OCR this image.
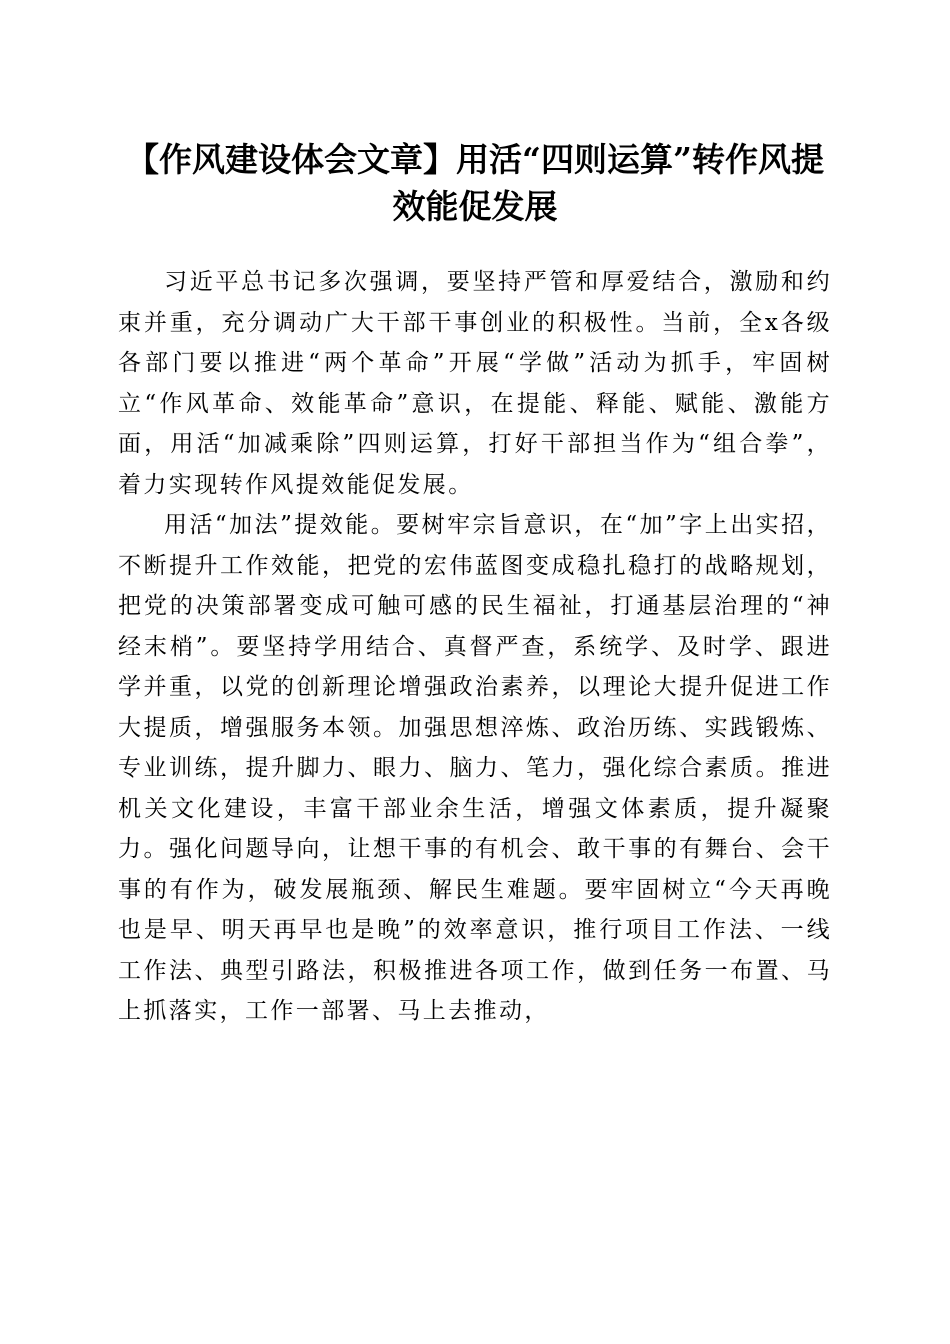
【作风建设体会文章】用活“四则运算”转作风提效能促发展

习近平总书记多次强调，要坚持严管和厚爱结合，激励和约束并重，充分调动广大干部干事创业的积极性。当前，全x各级各部门要以推进“两个革命”开展“学做”活动为抓手，牢固树立“作风革命、效能革命”意识，在提能、释能、赋能、激能方面，用活“加减乘除”四则运算，打好干部担当作为“组合拳”，着力实现转作风提效能促发展。

用活“加法”提效能。要树牢宗旨意识，在“加”字上出实招，不断提升工作效能，把党的宏伟蓝图变成稳扎稳打的战略规划，把党的决策部署变成可触可感的民生福祉，打通基层治理的“神经末梢”。要坚持学用结合、真督严查，系统学、及时学、跟进学并重，以党的创新理论增强政治素养，以理论大提升促进工作大提质，增强服务本领。加强思想淬炼、政治历练、实践锻炼、专业训练，提升脚力、眼力、脑力、笔力，强化综合素质。推进机关文化建设，丰富干部业余生活，增强文体素质，提升凝聚力。强化问题导向，让想干事的有机会、敢干事的有舞台、会干事的有作为，破发展瓶颈、解民生难题。要牢固树立“今天再晚也是早、明天再早也是晚”的效率意识，推行项目工作法、一线工作法、典型引路法，积极推进各项工作，做到任务一布置、马上抓落实，工作一部署、马上去推动，
